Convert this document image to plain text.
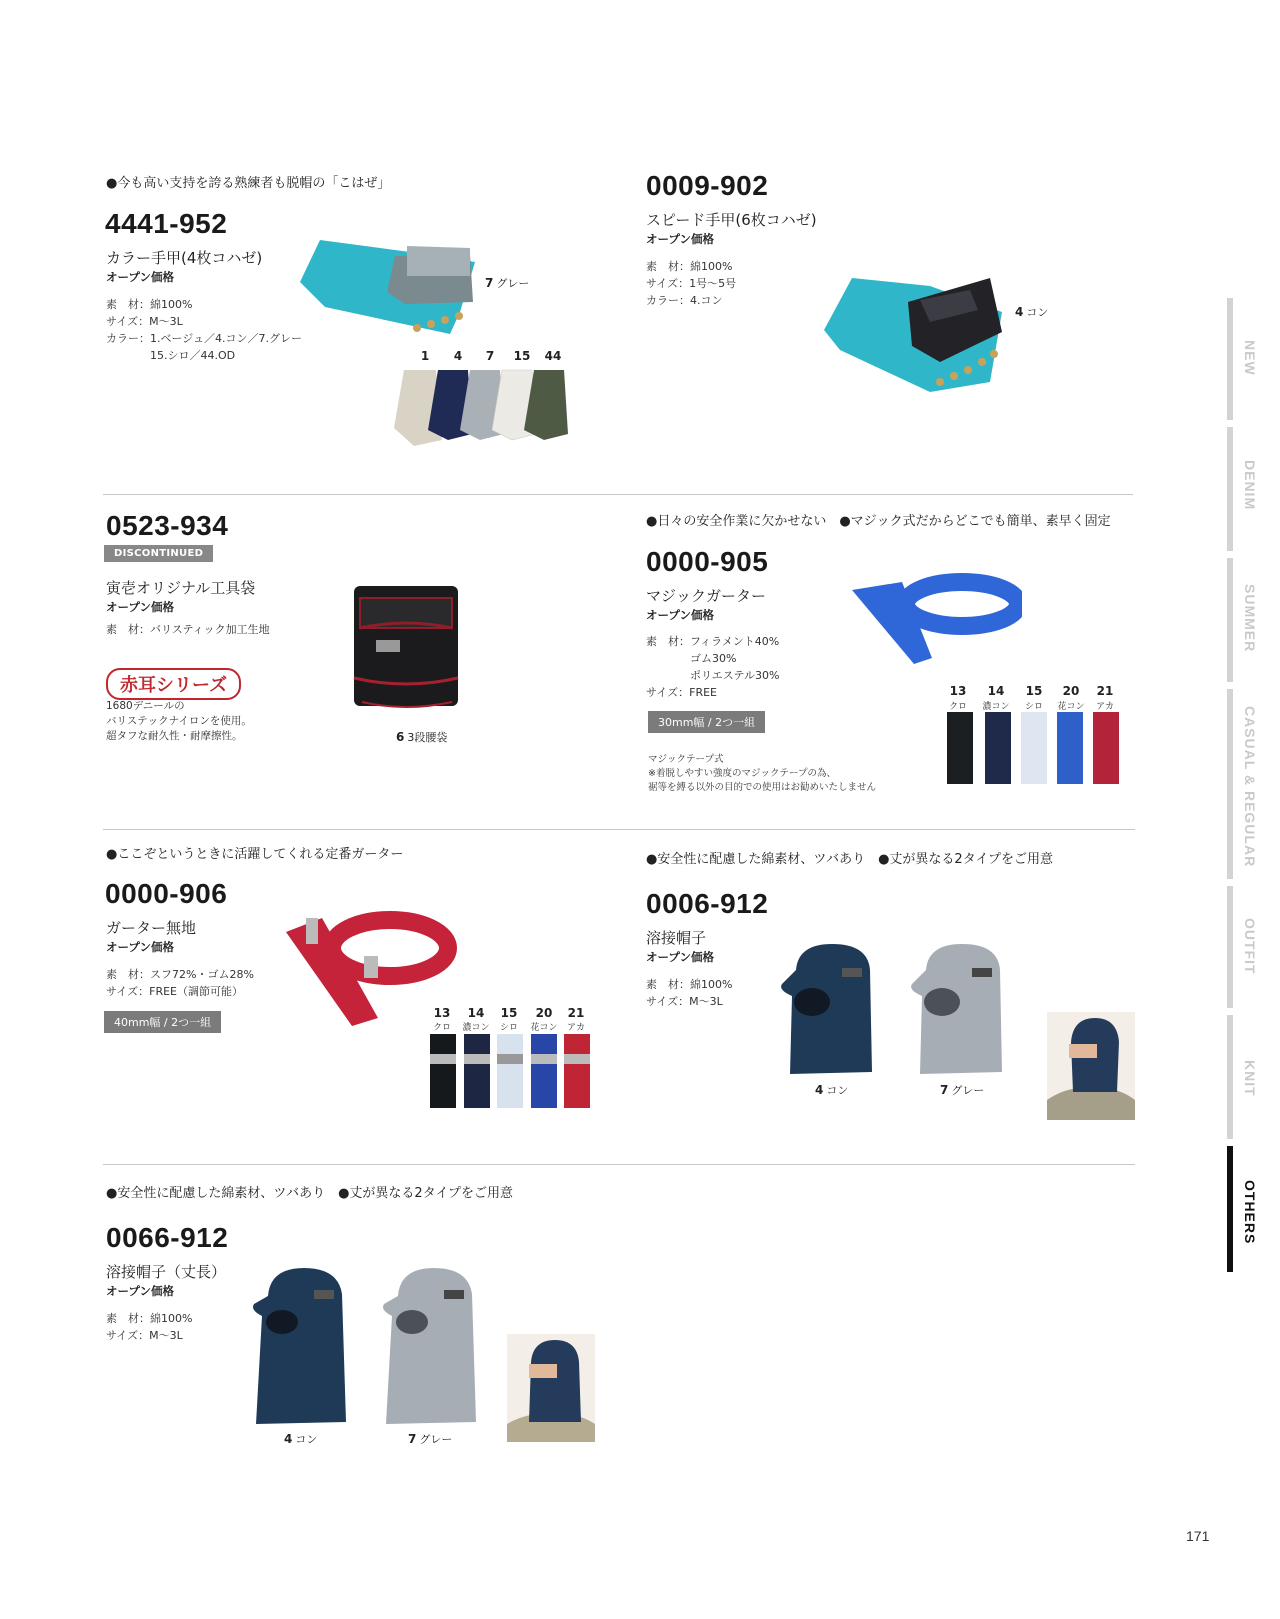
NEW
DENIM
SUMMER
CASUAL & REGULAR
OUTFIT
KNIT
OTHERS
●今も高い支持を誇る熟練者も脱帽の「こはぜ」
4441-952
カラー手甲(4枚コハゼ)
オープン価格
素　材：綿100%
サイズ：M〜3L
カラー：1.ベージュ／4.コン／7.グレー
　　　　15.シロ／44.OD
7 グレー
1	4	7	15	44
0009-902
スピード手甲(6枚コハゼ)
オープン価格
素　材：綿100%
サイズ：1号〜5号
カラー：4.コン
4 コン
0523-934
DISCONTINUED
寅壱オリジナル工具袋
オープン価格
素　材：バリスティック加工生地
赤耳シリーズ
1680デニールの
バリステックナイロンを使用。
超タフな耐久性・耐摩擦性。	6 3段腰袋
●日々の安全作業に欠かせない　●マジック式だからどこでも簡単、素早く固定
0000-905
マジックガーター
オープン価格
素　材：フィラメント40%
　　　　ゴム30%
　　　　ポリエステル30%
サイズ：FREE
30mm幅 / 2つ一組
マジックテープ式
※着脱しやすい強度のマジックテープの為、
裾等を縛る以外の目的での使用はお勧めいたしません
13	14	15	20	21
クロ	濃コン	シロ	花コン	アカ
●ここぞというときに活躍してくれる定番ガーター
0000-906
ガーター無地
オープン価格
素　材：スフ72%・ゴム28%
サイズ：FREE（調節可能）
40mm幅 / 2つ一組
13	14	15	20	21
クロ	濃コン	シロ	花コン	アカ
●安全性に配慮した綿素材、ツバあり　●丈が異なる2タイプをご用意
0006-912
溶接帽子
オープン価格
素　材：綿100%
サイズ：M〜3L
4 コン	7 グレー
●安全性に配慮した綿素材、ツバあり　●丈が異なる2タイプをご用意
0066-912
溶接帽子（丈長）
オープン価格
素　材：綿100%
サイズ：M〜3L
4 コン	7 グレー
171
